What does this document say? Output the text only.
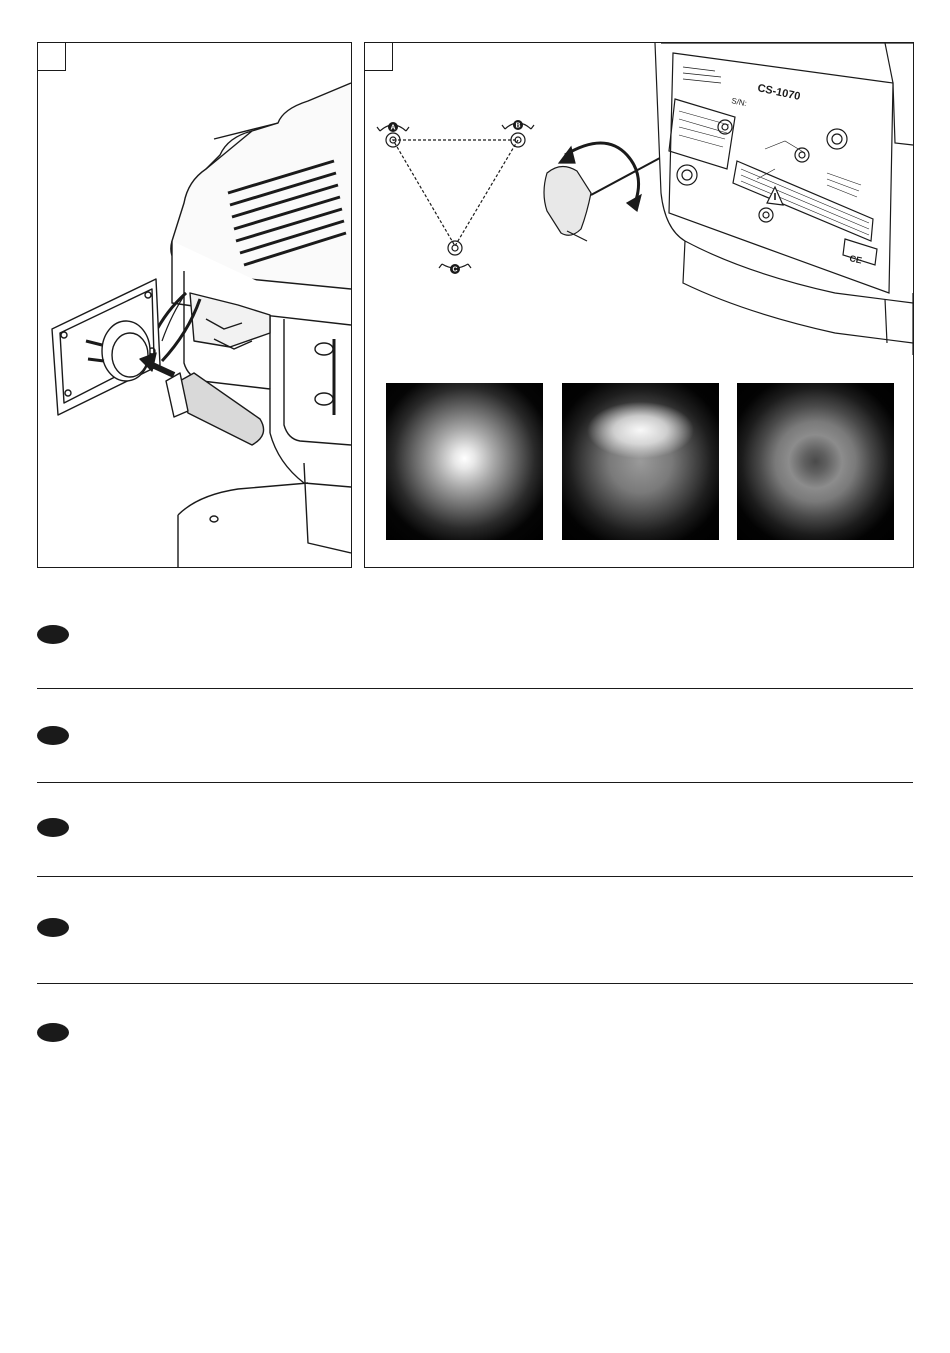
CS-1070
S/N:
CE
A	B
C
